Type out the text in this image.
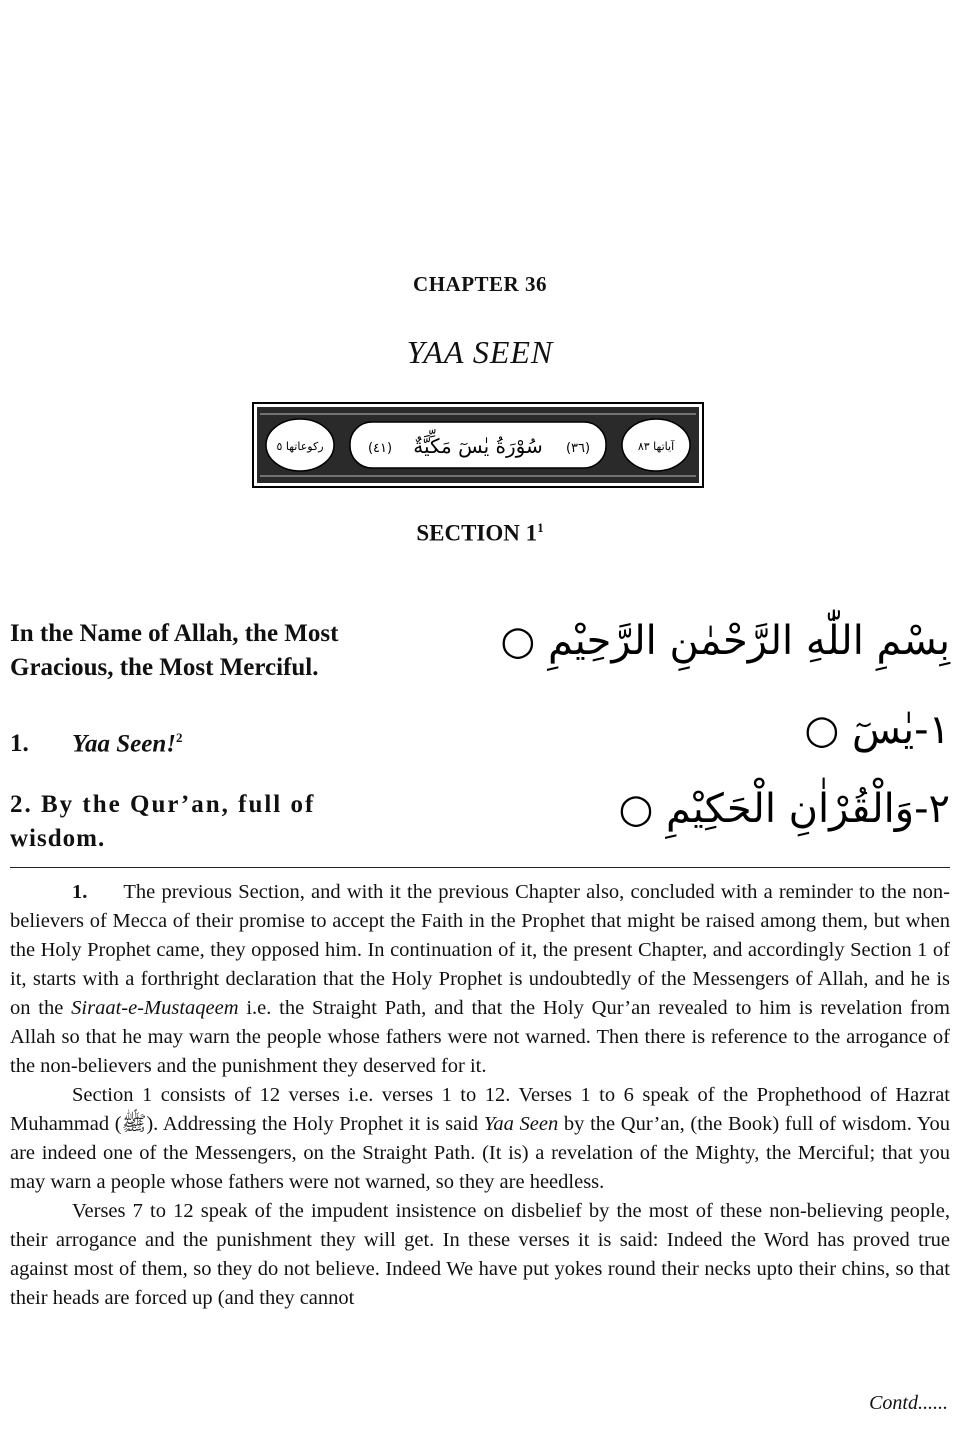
CHAPTER 36
YAA SEEN
ركوعاتها ٥	آياتها ٨٣
(٤١)	(٣٦)
سُوْرَةُ يٰسٓ مَكِّيَّةٌ
SECTION $1^1$
In the Name of Allah, the Most Gracious, the Most Merciful.
بِسْمِ اللّٰهِ الرَّحْمٰنِ الرَّحِيْمِ ○
1. Yaa Seen!$^2$	١-يٰسٓ ○
2. By the Qur’an, full of
wisdom.
٢-وَالْقُرْاٰنِ الْحَكِيْمِ ○

1. The previous Section, and with it the previous Chapter also, concluded with a reminder to the non-believers of Mecca of their promise to accept the Faith in the Prophet that might be raised among them, but when the Holy Prophet came, they opposed him. In continuation of it, the present Chapter, and accordingly Section 1 of it, starts with a forthright declaration that the Holy Prophet is undoubtedly of the Messengers of Allah, and he is on the Siraat-e-Mustaqeem i.e. the Straight Path, and that the Holy Qur’an revealed to him is revelation from Allah so that he may warn the people whose fathers were not warned. Then there is reference to the arrogance of the non-believers and the punishment they deserved for it.

Section 1 consists of 12 verses i.e. verses 1 to 12. Verses 1 to 6 speak of the Prophethood of Hazrat Muhammad (ﷺ). Addressing the Holy Prophet it is said Yaa Seen by the Qur’an, (the Book) full of wisdom. You are indeed one of the Messengers, on the Straight Path. (It is) a revelation of the Mighty, the Merciful; that you may warn a people whose fathers were not warned, so they are heedless.

Verses 7 to 12 speak of the impudent insistence on disbelief by the most of these non-believing people, their arrogance and the punishment they will get. In these verses it is said: Indeed the Word has proved true against most of them, so they do not believe. Indeed We have put yokes round their necks upto their chins, so that their heads are forced up (and they cannot

Contd......
